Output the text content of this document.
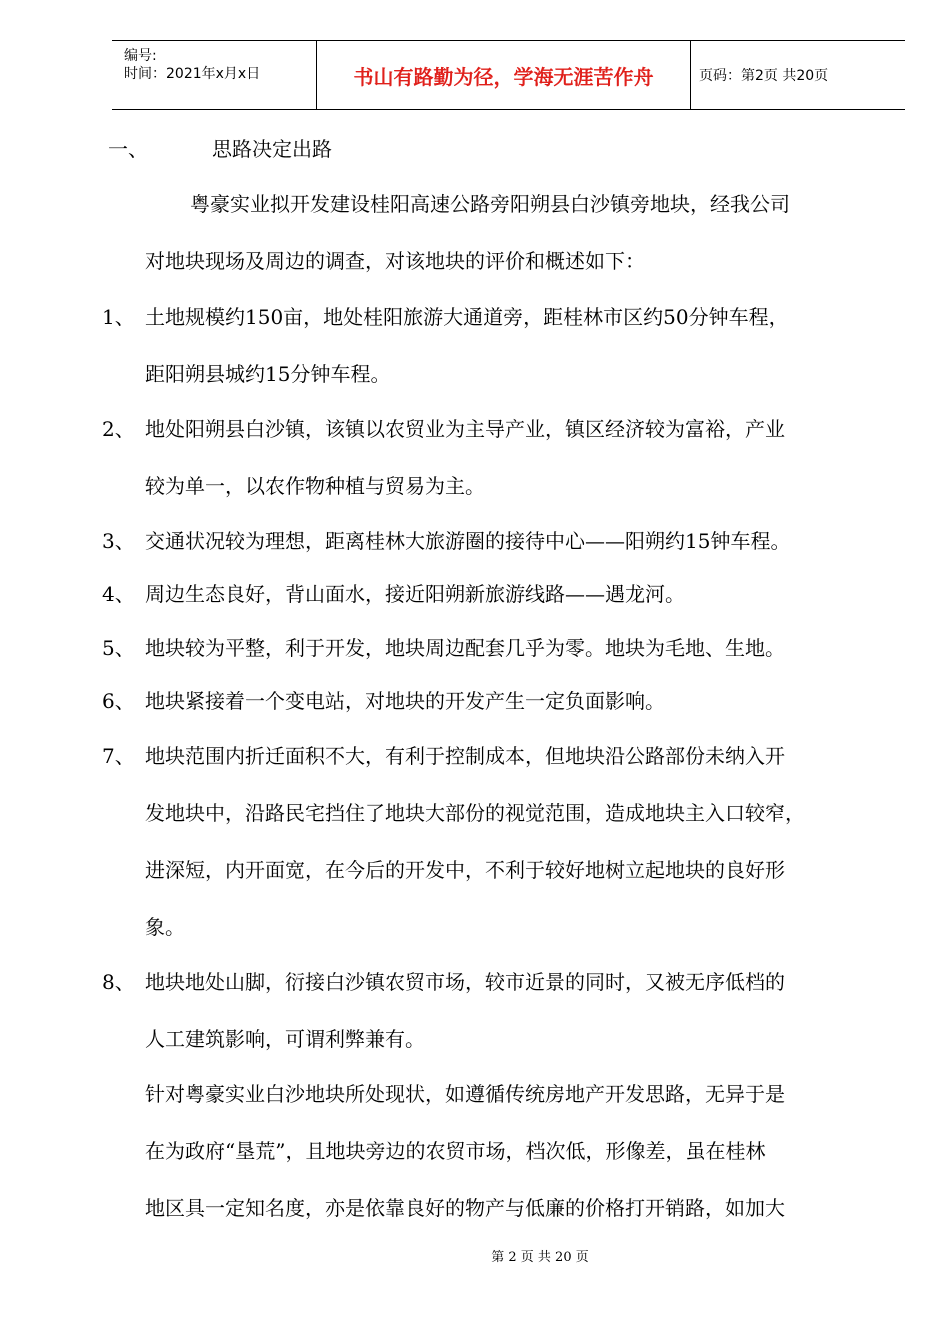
编号:
时间：2021年x月x日	书山有路勤为径，学海无涯苦作舟	页码：第2页 共20页
一、	思路决定出路
粤豪实业拟开发建设桂阳高速公路旁阳朔县白沙镇旁地块，经我公司
对地块现场及周边的调查，对该地块的评价和概述如下：
1、 土地规模约150亩，地处桂阳旅游大通道旁，距桂林市区约50分钟车程，
距阳朔县城约15分钟车程。
2、 地处阳朔县白沙镇，该镇以农贸业为主导产业，镇区经济较为富裕，产业
较为单一，以农作物种植与贸易为主。
3、 交通状况较为理想，距离桂林大旅游圈的接待中心——阳朔约15钟车程。
4、 周边生态良好，背山面水，接近阳朔新旅游线路——遇龙河。
5、 地块较为平整，利于开发，地块周边配套几乎为零。地块为毛地、生地。
6、 地块紧接着一个变电站，对地块的开发产生一定负面影响。
7、 地块范围内折迁面积不大，有利于控制成本，但地块沿公路部份未纳入开
发地块中，沿路民宅挡住了地块大部份的视觉范围，造成地块主入口较窄，
进深短，内开面宽，在今后的开发中，不利于较好地树立起地块的良好形
象。
8、 地块地处山脚，衍接白沙镇农贸市场，较市近景的同时，又被无序低档的
人工建筑影响，可谓利弊兼有。
针对粤豪实业白沙地块所处现状，如遵循传统房地产开发思路，无异于是
在为政府“垦荒”，且地块旁边的农贸市场，档次低，形像差，虽在桂林
地区具一定知名度，亦是依靠良好的物产与低廉的价格打开销路，如加大
第 2 页 共 20 页
